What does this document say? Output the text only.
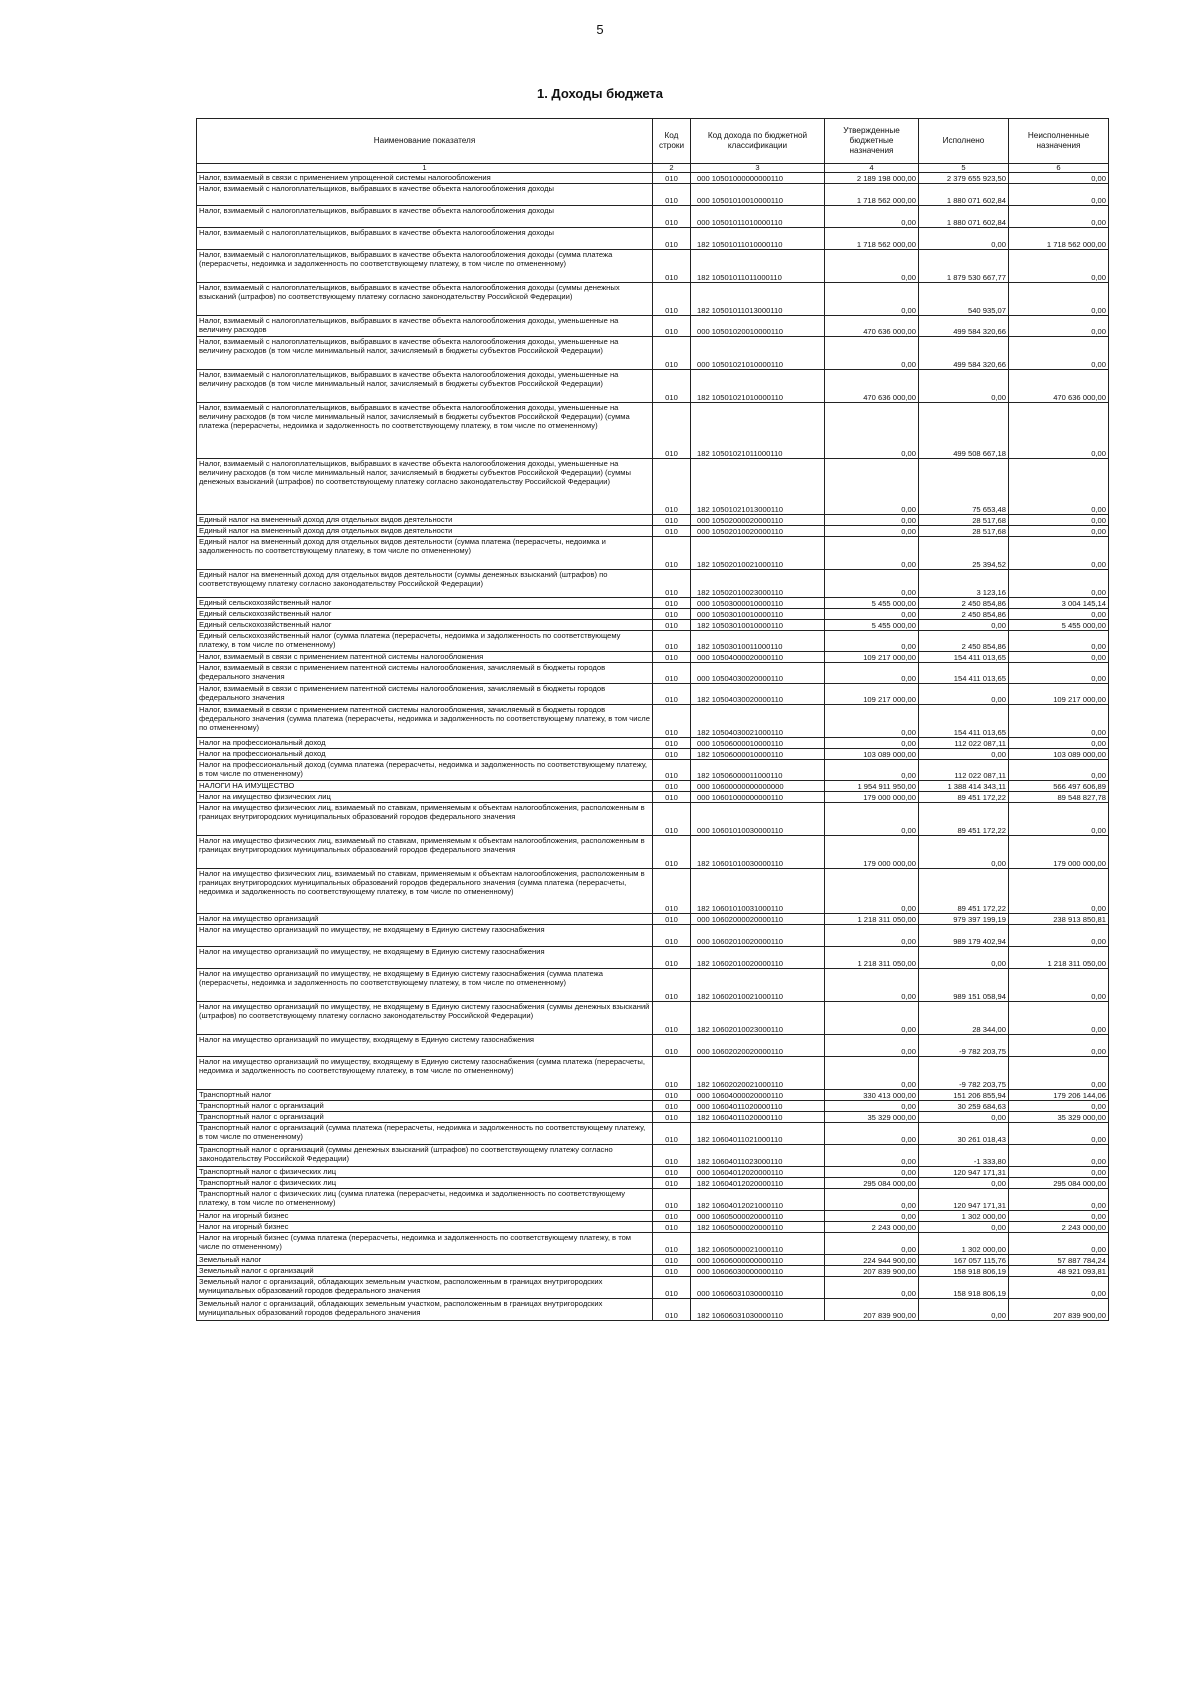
5
1. Доходы бюджета
Наименование показателя	Код строки	Код дохода по бюджетной классификации	Утвержденные бюджетные назначения	Исполнено	Неисполненные назначения
1	2	3	4	5	6
Налог, взимаемый в связи с применением упрощенной системы налогообложения	010	000 10501000000000110	2 189 198 000,00	2 379 655 923,50	0,00
Налог, взимаемый с налогоплательщиков, выбравших в качестве объекта налогообложения доходы	010	000 10501010010000110	1 718 562 000,00	1 880 071 602,84	0,00
Налог, взимаемый с налогоплательщиков, выбравших в качестве объекта налогообложения доходы	010	000 10501011010000110	0,00	1 880 071 602,84	0,00
Налог, взимаемый с налогоплательщиков, выбравших в качестве объекта налогообложения доходы	010	182 10501011010000110	1 718 562 000,00	0,00	1 718 562 000,00
Налог, взимаемый с налогоплательщиков, выбравших в качестве объекта налогообложения доходы (сумма платежа (перерасчеты, недоимка и задолженность по соответствующему платежу, в том числе по отмененному)	010	182 10501011011000110	0,00	1 879 530 667,77	0,00
Налог, взимаемый с налогоплательщиков, выбравших в качестве объекта налогообложения доходы (суммы денежных взысканий (штрафов) по соответствующему платежу согласно законодательству Российской Федерации)	010	182 10501011013000110	0,00	540 935,07	0,00
Налог, взимаемый с налогоплательщиков, выбравших в качестве объекта налогообложения доходы, уменьшенные на величину расходов	010	000 10501020010000110	470 636 000,00	499 584 320,66	0,00
Налог, взимаемый с налогоплательщиков, выбравших в качестве объекта налогообложения доходы, уменьшенные на величину расходов (в том числе минимальный налог, зачисляемый в бюджеты субъектов Российской Федерации)	010	000 10501021010000110	0,00	499 584 320,66	0,00
Налог, взимаемый с налогоплательщиков, выбравших в качестве объекта налогообложения доходы, уменьшенные на величину расходов (в том числе минимальный налог, зачисляемый в бюджеты субъектов Российской Федерации)	010	182 10501021010000110	470 636 000,00	0,00	470 636 000,00
Налог, взимаемый с налогоплательщиков, выбравших в качестве объекта налогообложения доходы, уменьшенные на величину расходов (в том числе минимальный налог, зачисляемый в бюджеты субъектов Российской Федерации) (сумма платежа (перерасчеты, недоимка и задолженность по соответствующему платежу, в том числе по отмененному)	010	182 10501021011000110	0,00	499 508 667,18	0,00
Налог, взимаемый с налогоплательщиков, выбравших в качестве объекта налогообложения доходы, уменьшенные на величину расходов (в том числе минимальный налог, зачисляемый в бюджеты субъектов Российской Федерации) (суммы денежных взысканий (штрафов) по соответствующему платежу согласно законодательству Российской Федерации)	010	182 10501021013000110	0,00	75 653,48	0,00
Единый налог на вмененный доход для отдельных видов деятельности	010	000 10502000020000110	0,00	28 517,68	0,00
Единый налог на вмененный доход для отдельных видов деятельности	010	000 10502010020000110	0,00	28 517,68	0,00
Единый налог на вмененный доход для отдельных видов деятельности (сумма платежа (перерасчеты, недоимка и задолженность по соответствующему платежу, в том числе по отмененному)	010	182 10502010021000110	0,00	25 394,52	0,00
Единый налог на вмененный доход для отдельных видов деятельности (суммы денежных взысканий (штрафов) по соответствующему платежу согласно законодательству Российской Федерации)	010	182 10502010023000110	0,00	3 123,16	0,00
Единый сельскохозяйственный налог	010	000 10503000010000110	5 455 000,00	2 450 854,86	3 004 145,14
Единый сельскохозяйственный налог	010	000 10503010010000110	0,00	2 450 854,86	0,00
Единый сельскохозяйственный налог	010	182 10503010010000110	5 455 000,00	0,00	5 455 000,00
Единый сельскохозяйственный налог (сумма платежа (перерасчеты, недоимка и задолженность по соответствующему платежу, в том числе по отмененному)	010	182 10503010011000110	0,00	2 450 854,86	0,00
Налог, взимаемый в связи с применением патентной системы налогообложения	010	000 10504000020000110	109 217 000,00	154 411 013,65	0,00
Налог, взимаемый в связи с применением патентной системы налогообложения, зачисляемый в бюджеты городов федерального значения	010	000 10504030020000110	0,00	154 411 013,65	0,00
Налог, взимаемый в связи с применением патентной системы налогообложения, зачисляемый в бюджеты городов федерального значения	010	182 10504030020000110	109 217 000,00	0,00	109 217 000,00
Налог, взимаемый в связи с применением патентной системы налогообложения, зачисляемый в бюджеты городов федерального значения (сумма платежа (перерасчеты, недоимка и задолженность по соответствующему платежу, в том числе по отмененному)	010	182 10504030021000110	0,00	154 411 013,65	0,00
Налог на профессиональный доход	010	000 10506000010000110	0,00	112 022 087,11	0,00
Налог на профессиональный доход	010	182 10506000010000110	103 089 000,00	0,00	103 089 000,00
Налог на профессиональный доход (сумма платежа (перерасчеты, недоимка и задолженность по соответствующему платежу, в том числе по отмененному)	010	182 10506000011000110	0,00	112 022 087,11	0,00
НАЛОГИ НА ИМУЩЕСТВО	010	000 10600000000000000	1 954 911 950,00	1 388 414 343,11	566 497 606,89
Налог на имущество физических лиц	010	000 10601000000000110	179 000 000,00	89 451 172,22	89 548 827,78
Налог на имущество физических лиц, взимаемый по ставкам, применяемым к объектам налогообложения, расположенным в границах внутригородских муниципальных образований городов федерального значения	010	000 10601010030000110	0,00	89 451 172,22	0,00
Налог на имущество физических лиц, взимаемый по ставкам, применяемым к объектам налогообложения, расположенным в границах внутригородских муниципальных образований городов федерального значения	010	182 10601010030000110	179 000 000,00	0,00	179 000 000,00
Налог на имущество физических лиц, взимаемый по ставкам, применяемым к объектам налогообложения, расположенным в границах внутригородских муниципальных образований городов федерального значения (сумма платежа (перерасчеты, недоимка и задолженность по соответствующему платежу, в том числе по отмененному)	010	182 10601010031000110	0,00	89 451 172,22	0,00
Налог на имущество организаций	010	000 10602000020000110	1 218 311 050,00	979 397 199,19	238 913 850,81
Налог на имущество организаций по имуществу, не входящему в Единую систему газоснабжения	010	000 10602010020000110	0,00	989 179 402,94	0,00
Налог на имущество организаций по имуществу, не входящему в Единую систему газоснабжения	010	182 10602010020000110	1 218 311 050,00	0,00	1 218 311 050,00
Налог на имущество организаций по имуществу, не входящему в Единую систему газоснабжения (сумма платежа (перерасчеты, недоимка и задолженность по соответствующему платежу, в том числе по отмененному)	010	182 10602010021000110	0,00	989 151 058,94	0,00
Налог на имущество организаций по имуществу, не входящему в Единую систему газоснабжения (суммы денежных взысканий (штрафов) по соответствующему платежу согласно законодательству Российской Федерации)	010	182 10602010023000110	0,00	28 344,00	0,00
Налог на имущество организаций по имуществу, входящему в Единую систему газоснабжения	010	000 10602020020000110	0,00	-9 782 203,75	0,00
Налог на имущество организаций по имуществу, входящему в Единую систему газоснабжения (сумма платежа (перерасчеты, недоимка и задолженность по соответствующему платежу, в том числе по отмененному)	010	182 10602020021000110	0,00	-9 782 203,75	0,00
Транспортный налог	010	000 10604000020000110	330 413 000,00	151 206 855,94	179 206 144,06
Транспортный налог с организаций	010	000 10604011020000110	0,00	30 259 684,63	0,00
Транспортный налог с организаций	010	182 10604011020000110	35 329 000,00	0,00	35 329 000,00
Транспортный налог с организаций (сумма платежа (перерасчеты, недоимка и задолженность по соответствующему платежу, в том числе по отмененному)	010	182 10604011021000110	0,00	30 261 018,43	0,00
Транспортный налог с организаций (суммы денежных взысканий (штрафов) по соответствующему платежу согласно законодательству Российской Федерации)	010	182 10604011023000110	0,00	-1 333,80	0,00
Транспортный налог с физических лиц	010	000 10604012020000110	0,00	120 947 171,31	0,00
Транспортный налог с физических лиц	010	182 10604012020000110	295 084 000,00	0,00	295 084 000,00
Транспортный налог с физических лиц (сумма платежа (перерасчеты, недоимка и задолженность по соответствующему платежу, в том числе по отмененному)	010	182 10604012021000110	0,00	120 947 171,31	0,00
Налог на игорный бизнес	010	000 10605000020000110	0,00	1 302 000,00	0,00
Налог на игорный бизнес	010	182 10605000020000110	2 243 000,00	0,00	2 243 000,00
Налог на игорный бизнес (сумма платежа (перерасчеты, недоимка и задолженность по соответствующему платежу, в том числе по отмененному)	010	182 10605000021000110	0,00	1 302 000,00	0,00
Земельный налог	010	000 10606000000000110	224 944 900,00	167 057 115,76	57 887 784,24
Земельный налог с организаций	010	000 10606030000000110	207 839 900,00	158 918 806,19	48 921 093,81
Земельный налог с организаций, обладающих земельным участком, расположенным в границах внутригородских муниципальных образований городов федерального значения	010	000 10606031030000110	0,00	158 918 806,19	0,00
Земельный налог с организаций, обладающих земельным участком, расположенным в границах внутригородских муниципальных образований городов федерального значения	010	182 10606031030000110	207 839 900,00	0,00	207 839 900,00
